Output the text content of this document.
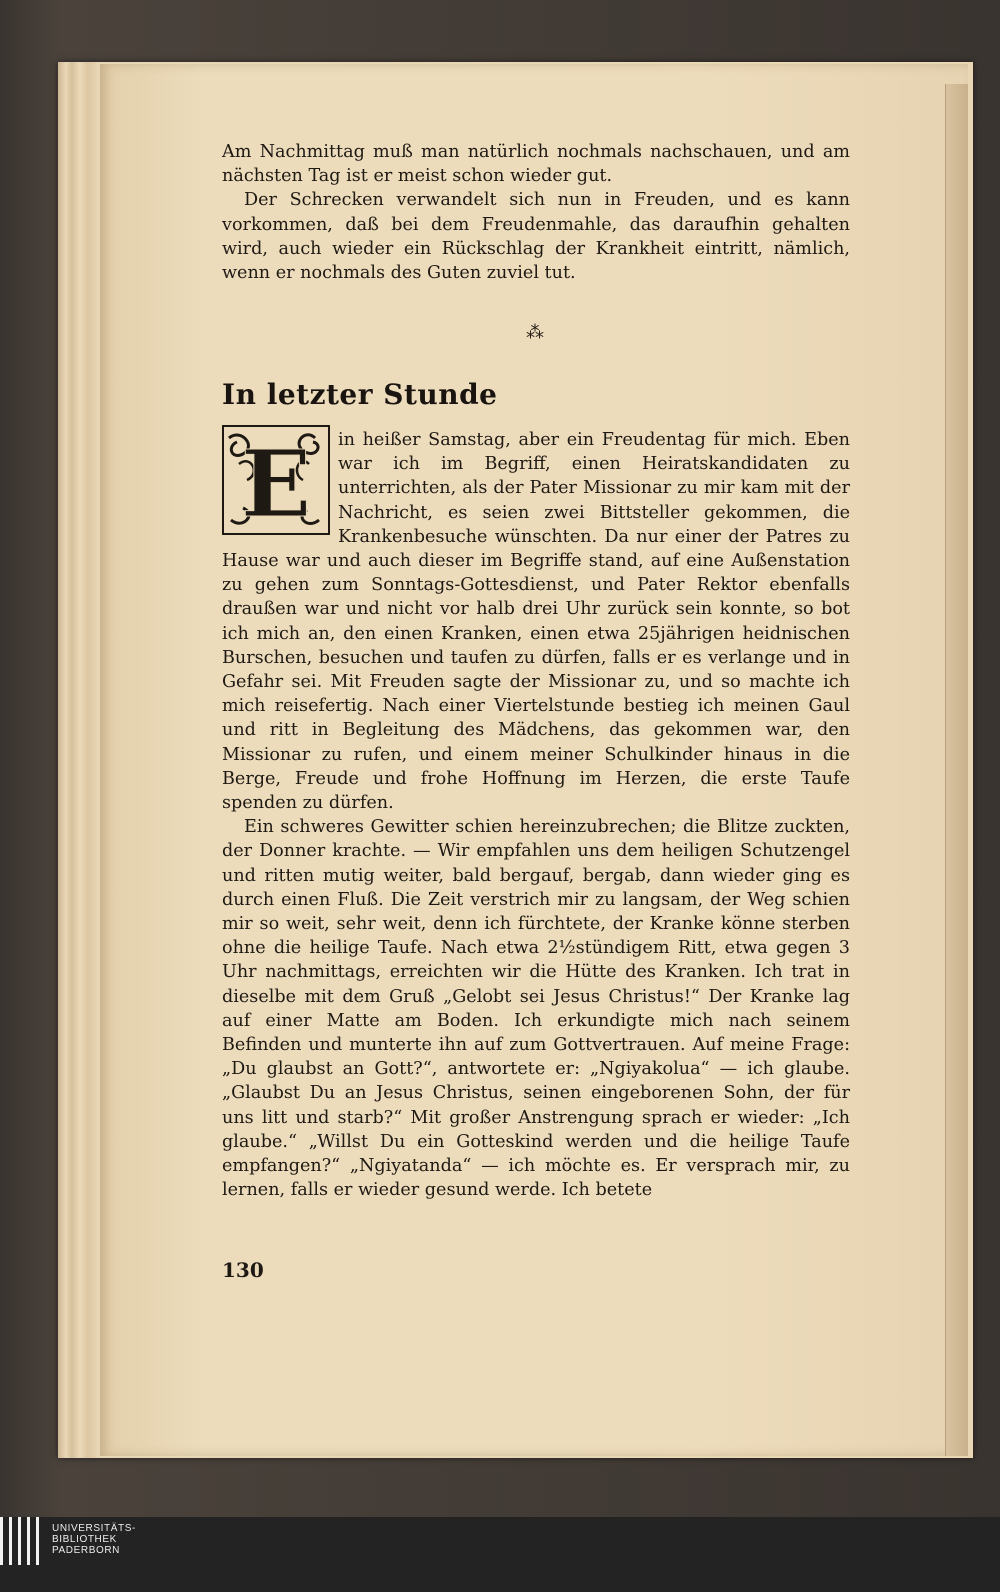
Am Nachmittag muß man natürlich nochmals nachschauen, und am nächsten Tag ist er meist schon wieder gut.

Der Schrecken verwandelt sich nun in Freuden, und es kann vorkommen, daß bei dem Freudenmahle, das daraufhin gehalten wird, auch wieder ein Rückschlag der Krankheit eintritt, nämlich, wenn er nochmals des Guten zuviel tut.

⁂
In letzter Stunde
E	in heißer Samstag, aber ein Freudentag für mich. Eben war ich im Begriff, einen Heiratskandidaten zu unterrichten, als der Pater Missionar zu mir kam mit der Nachricht, es seien zwei Bittsteller gekommen, die Krankenbesuche wünschten. Da nur einer der Patres zu Hause war und auch dieser im Begriffe stand, auf eine Außenstation zu gehen zum Sonntags-Gottesdienst, und Pater Rektor ebenfalls draußen war und nicht vor halb drei Uhr zurück sein konnte, so bot ich mich an, den einen Kranken, einen etwa 25jährigen heidnischen Burschen, besuchen und taufen zu dürfen, falls er es verlange und in Gefahr sei. Mit Freuden sagte der Missionar zu, und so machte ich mich reisefertig. Nach einer Viertelstunde bestieg ich meinen Gaul und ritt in Begleitung des Mädchens, das gekommen war, den Missionar zu rufen, und einem meiner Schulkinder hinaus in die Berge, Freude und frohe Hoffnung im Herzen, die erste Taufe spenden zu dürfen.

Ein schweres Gewitter schien hereinzubrechen; die Blitze zuckten, der Donner krachte. — Wir empfahlen uns dem heiligen Schutzengel und ritten mutig weiter, bald bergauf, bergab, dann wieder ging es durch einen Fluß. Die Zeit verstrich mir zu langsam, der Weg schien mir so weit, sehr weit, denn ich fürchtete, der Kranke könne sterben ohne die heilige Taufe. Nach etwa 2½stündigem Ritt, etwa gegen 3 Uhr nachmittags, erreichten wir die Hütte des Kranken. Ich trat in dieselbe mit dem Gruß „Gelobt sei Jesus Christus!“ Der Kranke lag auf einer Matte am Boden. Ich erkundigte mich nach seinem Befinden und munterte ihn auf zum Gottvertrauen. Auf meine Frage: „Du glaubst an Gott?“, antwortete er: „Ngiyakolua“ — ich glaube. „Glaubst Du an Jesus Christus, seinen eingeborenen Sohn, der für uns litt und starb?“ Mit großer Anstrengung sprach er wieder: „Ich glaube.“ „Willst Du ein Gotteskind werden und die heilige Taufe empfangen?“ „Ngiyatanda“ — ich möchte es. Er versprach mir, zu lernen, falls er wieder gesund werde. Ich betete

130
UNIVERSITÄTS-
BIBLIOTHEK
PADERBORN
